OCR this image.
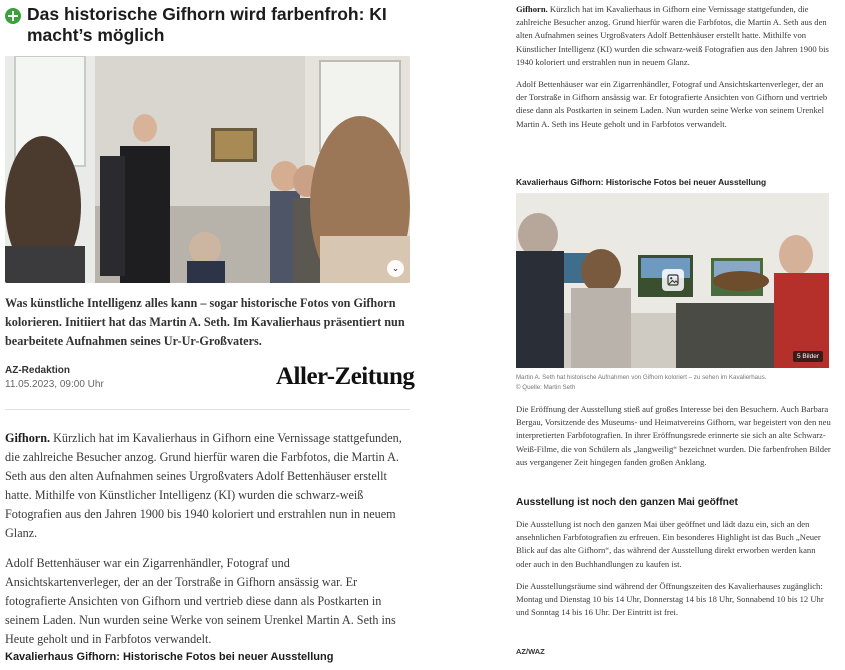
Das historische Gifhorn wird farbenfroh: KI macht’s möglich
⌄

Was künstliche Intelligenz alles kann – sogar historische Fotos von Gifhorn kolorieren. Initiiert hat das Martin A. Seth. Im Kavalierhaus präsentiert nun bearbeitete Aufnahmen seines Ur-Ur-Großvaters.

AZ-Redaktion
11.05.2023, 09:00 Uhr	Aller-Zeitung

Gifhorn. Kürzlich hat im Kavalierhaus in Gifhorn eine Vernissage stattgefunden, die zahlreiche Besucher anzog. Grund hierfür waren die Farbfotos, die Martin A. Seth aus den alten Aufnahmen seines Urgroßvaters Adolf Bettenhäuser erstellt hatte. Mithilfe von Künstlicher Intelligenz (KI) wurden die schwarz-weiß Fotografien aus den Jahren 1900 bis 1940 koloriert und erstrahlen nun in neuem Glanz.

Adolf Bettenhäuser war ein Zigarrenhändler, Fotograf und Ansichtskartenverleger, der an der Torstraße in Gifhorn ansässig war. Er fotografierte Ansichten von Gifhorn und vertrieb diese dann als Postkarten in seinem Laden. Nun wurden seine Werke von seinem Urenkel Martin A. Seth ins Heute geholt und in Farbfotos verwandelt.

Kavalierhaus Gifhorn: Historische Fotos bei neuer Ausstellung

Gifhorn. Kürzlich hat im Kavalierhaus in Gifhorn eine Vernissage stattgefunden, die zahlreiche Besucher anzog. Grund hierfür waren die Farbfotos, die Martin A. Seth aus den alten Aufnahmen seines Urgroßvaters Adolf Bettenhäuser erstellt hatte. Mithilfe von Künstlicher Intelligenz (KI) wurden die schwarz-weiß Fotografien aus den Jahren 1900 bis 1940 koloriert und erstrahlen nun in neuem Glanz.

Adolf Bettenhäuser war ein Zigarrenhändler, Fotograf und Ansichtskartenverleger, der an der Torstraße in Gifhorn ansässig war. Er fotografierte Ansichten von Gifhorn und vertrieb diese dann als Postkarten in seinem Laden. Nun wurden seine Werke von seinem Urenkel Martin A. Seth ins Heute geholt und in Farbfotos verwandelt.

Kavalierhaus Gifhorn: Historische Fotos bei neuer Ausstellung
5 Bilder
Martin A. Seth hat historische Aufnahmen von Gifhorn koloriert – zu sehen im Kavalierhaus.
© Quelle: Martin Seth

Die Eröffnung der Ausstellung stieß auf großes Interesse bei den Besuchern. Auch Barbara Bergau, Vorsitzende des Museums- und Heimatvereins Gifhorn, war begeistert von den neu interpretierten Farbfotografien. In ihrer Eröffnungsrede erinnerte sie sich an alte Schwarz-Weiß-Filme, die von Schülern als „langweilig“ bezeichnet wurden. Die farbenfrohen Bilder aus vergangener Zeit hingegen fanden großen Anklang.

Ausstellung ist noch den ganzen Mai geöffnet

Die Ausstellung ist noch den ganzen Mai über geöffnet und lädt dazu ein, sich an den ansehnlichen Farbfotografien zu erfreuen. Ein besonderes Highlight ist das Buch „Neuer Blick auf das alte Gifhorn“, das während der Ausstellung direkt erworben werden kann oder auch in den Buchhandlungen zu kaufen ist.

Die Ausstellungsräume sind während der Öffnungszeiten des Kavalierhauses zugänglich: Montag und Dienstag 10 bis 14 Uhr, Donnerstag 14 bis 18 Uhr, Sonnabend 10 bis 12 Uhr und Sonntag 14 bis 16 Uhr. Der Eintritt ist frei.

AZ/WAZ
